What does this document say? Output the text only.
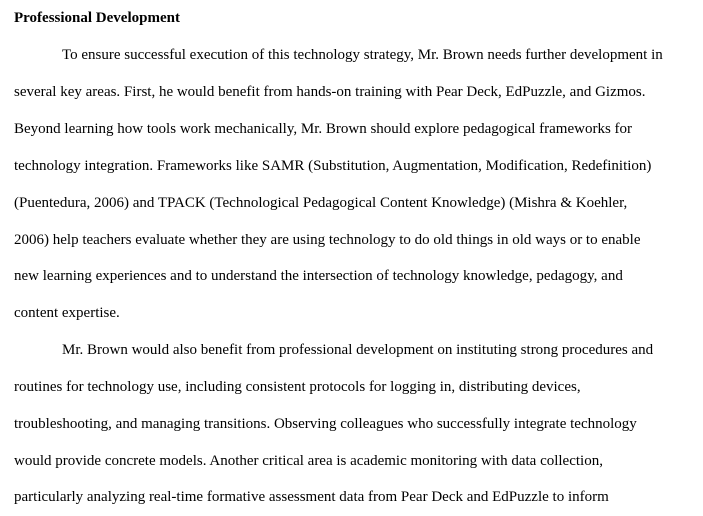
Professional Development
To ensure successful execution of this technology strategy, Mr. Brown needs further development in
several key areas. First, he would benefit from hands-on training with Pear Deck, EdPuzzle, and Gizmos.
Beyond learning how tools work mechanically, Mr. Brown should explore pedagogical frameworks for
technology integration. Frameworks like SAMR (Substitution, Augmentation, Modification, Redefinition)
(Puentedura, 2006) and TPACK (Technological Pedagogical Content Knowledge) (Mishra & Koehler,
2006) help teachers evaluate whether they are using technology to do old things in old ways or to enable
new learning experiences and to understand the intersection of technology knowledge, pedagogy, and
content expertise.
Mr. Brown would also benefit from professional development on instituting strong procedures and
routines for technology use, including consistent protocols for logging in, distributing devices,
troubleshooting, and managing transitions. Observing colleagues who successfully integrate technology
would provide concrete models. Another critical area is academic monitoring with data collection,
particularly analyzing real-time formative assessment data from Pear Deck and EdPuzzle to inform
